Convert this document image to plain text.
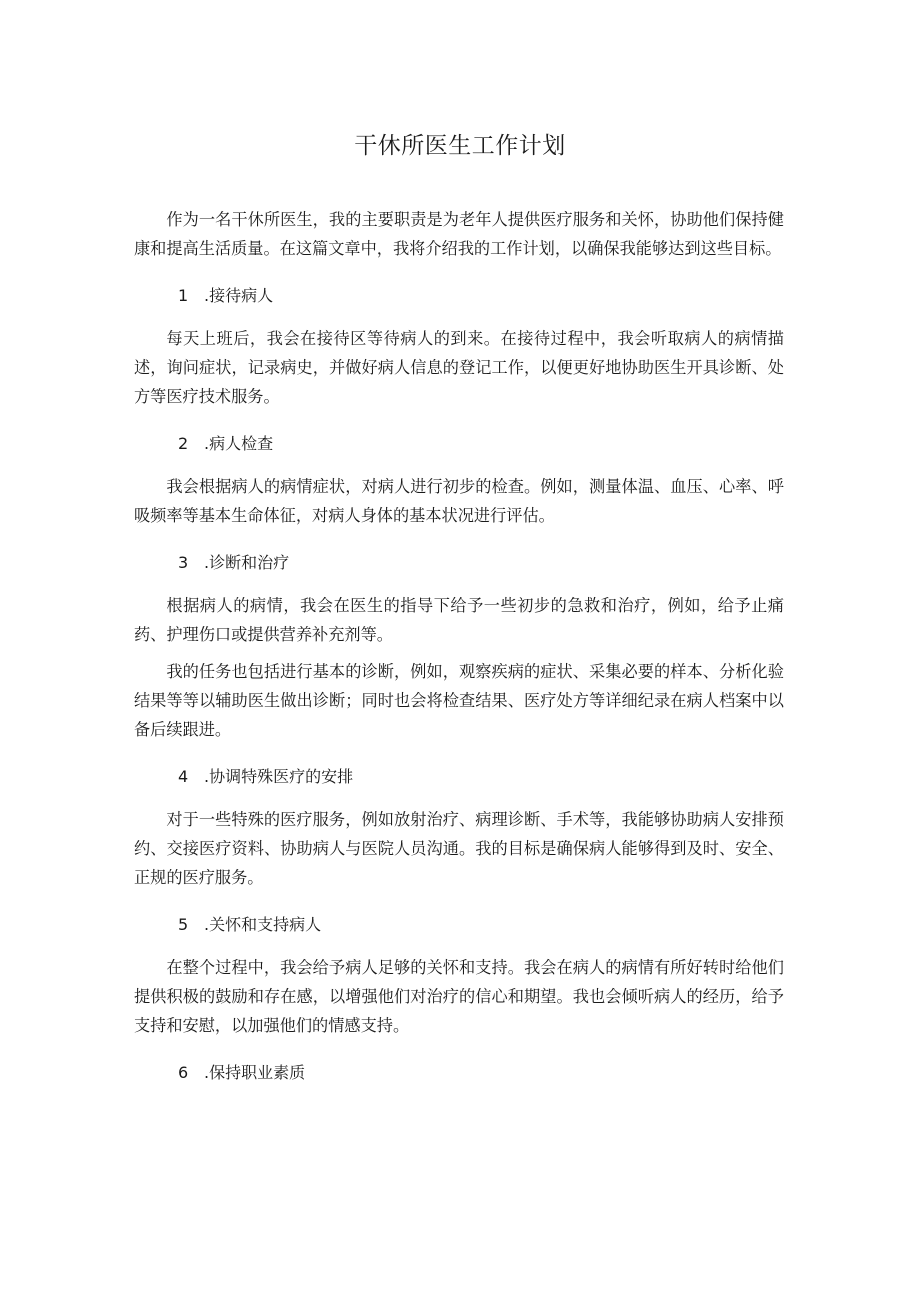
干休所医生工作计划

作为一名干休所医生，我的主要职责是为老年人提供医疗服务和关怀，协助他们保持健康和提高生活质量。在这篇文章中，我将介绍我的工作计划，以确保我能够达到这些目标。

1 .接待病人

每天上班后，我会在接待区等待病人的到来。在接待过程中，我会听取病人的病情描述，询问症状，记录病史，并做好病人信息的登记工作，以便更好地协助医生开具诊断、处方等医疗技术服务。

2 .病人检查

我会根据病人的病情症状，对病人进行初步的检查。例如，测量体温、血压、心率、呼吸频率等基本生命体征，对病人身体的基本状况进行评估。

3 .诊断和治疗

根据病人的病情，我会在医生的指导下给予一些初步的急救和治疗，例如，给予止痛药、护理伤口或提供营养补充剂等。

我的任务也包括进行基本的诊断，例如，观察疾病的症状、采集必要的样本、分析化验结果等等以辅助医生做出诊断；同时也会将检查结果、医疗处方等详细纪录在病人档案中以备后续跟进。

4 .协调特殊医疗的安排

对于一些特殊的医疗服务，例如放射治疗、病理诊断、手术等，我能够协助病人安排预约、交接医疗资料、协助病人与医院人员沟通。我的目标是确保病人能够得到及时、安全、正规的医疗服务。

5 .关怀和支持病人

在整个过程中，我会给予病人足够的关怀和支持。我会在病人的病情有所好转时给他们提供积极的鼓励和存在感，以增强他们对治疗的信心和期望。我也会倾听病人的经历，给予支持和安慰，以加强他们的情感支持。

6 .保持职业素质
